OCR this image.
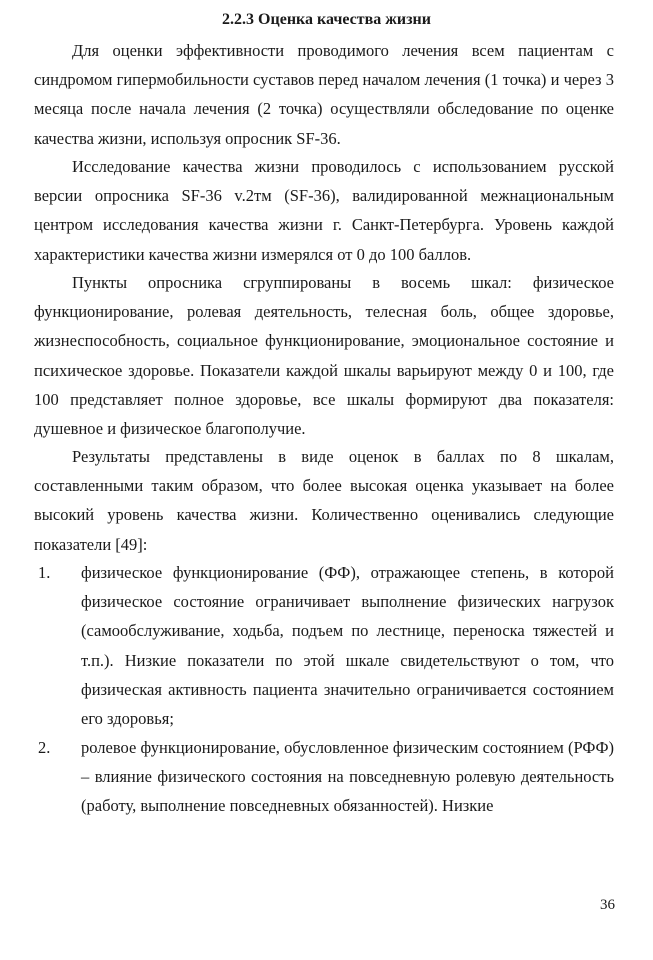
2.2.3 Оценка качества жизни

Для оценки эффективности проводимого лечения всем пациентам с синдромом гипермобильности суставов перед началом лечения (1 точка) и через 3 месяца после начала лечения (2 точка) осуществляли обследование по оценке качества жизни, используя опросник SF-36.

Исследование качества жизни проводилось с использованием русской версии опросника SF-36 v.2тм (SF-36), валидированной межнациональным центром исследования качества жизни г. Санкт-Петербурга. Уровень каждой характеристики качества жизни измерялся от 0 до 100 баллов.

Пункты опросника сгруппированы в восемь шкал: физическое функционирование, ролевая деятельность, телесная боль, общее здоровье, жизнеспособность, социальное функционирование, эмоциональное состояние и психическое здоровье. Показатели каждой шкалы варьируют между 0 и 100, где 100 представляет полное здоровье, все шкалы формируют два показателя: душевное и физическое благополучие.

Результаты представлены в виде оценок в баллах по 8 шкалам, составленными таким образом, что более высокая оценка указывает на более высокий уровень качества жизни. Количественно оценивались следующие показатели [49]:

1. физическое функционирование (ФФ), отражающее степень, в которой физическое состояние ограничивает выполнение физических нагрузок (самообслуживание, ходьба, подъем по лестнице, переноска тяжестей и т.п.). Низкие показатели по этой шкале свидетельствуют о том, что физическая активность пациента значительно ограничивается состоянием его здоровья;
2. ролевое функционирование, обусловленное физическим состоянием (РФФ) – влияние физического состояния на повседневную ролевую деятельность (работу, выполнение повседневных обязанностей). Низкие
36
